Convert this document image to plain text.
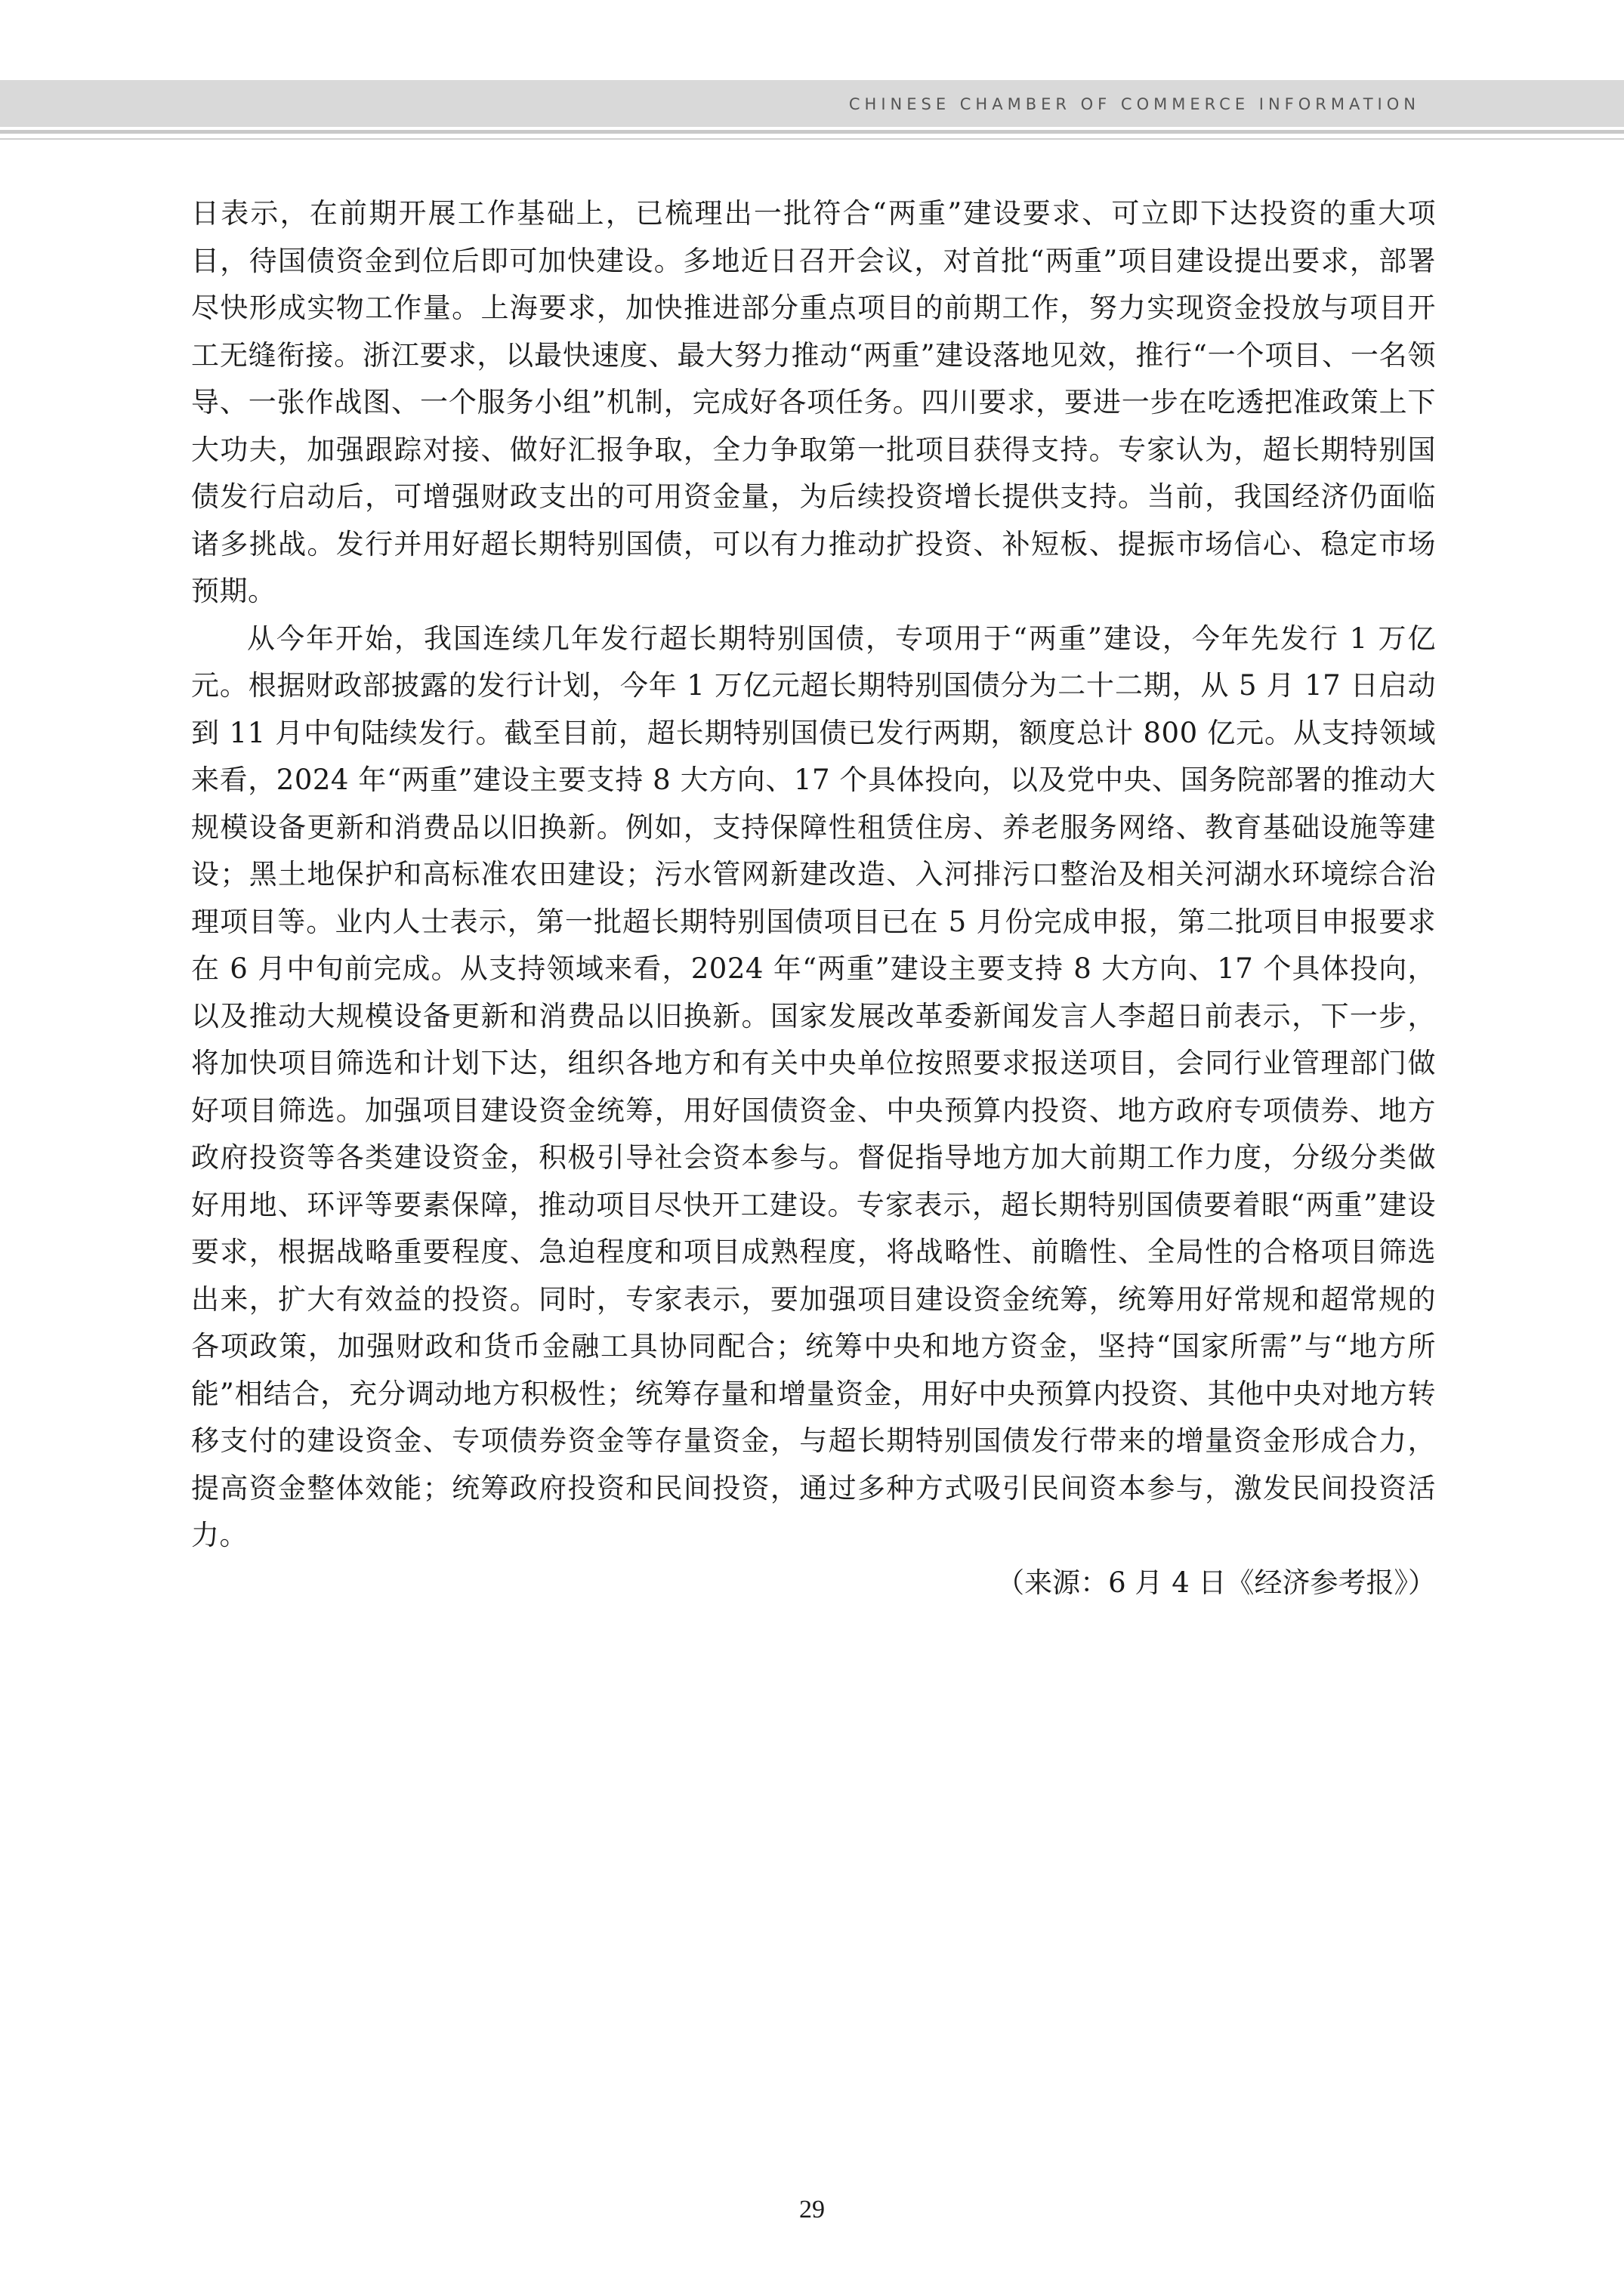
CHINESE CHAMBER OF COMMERCE INFORMATION

日表示，在前期开展工作基础上，已梳理出一批符合“两重”建设要求、可立即下达投资的重大项目，待国债资金到位后即可加快建设。多地近日召开会议，对首批“两重”项目建设提出要求，部署尽快形成实物工作量。上海要求，加快推进部分重点项目的前期工作，努力实现资金投放与项目开工无缝衔接。浙江要求，以最快速度、最大努力推动“两重”建设落地见效，推行“一个项目、一名领导、一张作战图、一个服务小组”机制，完成好各项任务。四川要求，要进一步在吃透把准政策上下大功夫，加强跟踪对接、做好汇报争取，全力争取第一批项目获得支持。专家认为，超长期特别国债发行启动后，可增强财政支出的可用资金量，为后续投资增长提供支持。当前，我国经济仍面临诸多挑战。发行并用好超长期特别国债，可以有力推动扩投资、补短板、提振市场信心、稳定市场预期。

从今年开始，我国连续几年发行超长期特别国债，专项用于“两重”建设，今年先发行 1 万亿元。根据财政部披露的发行计划，今年 1 万亿元超长期特别国债分为二十二期，从 5 月 17 日启动到 11 月中旬陆续发行。截至目前，超长期特别国债已发行两期，额度总计 800 亿元。从支持领域来看，2024 年“两重”建设主要支持 8 大方向、17 个具体投向，以及党中央、国务院部署的推动大规模设备更新和消费品以旧换新。例如，支持保障性租赁住房、养老服务网络、教育基础设施等建设；黑土地保护和高标准农田建设；污水管网新建改造、入河排污口整治及相关河湖水环境综合治理项目等。业内人士表示，第一批超长期特别国债项目已在 5 月份完成申报，第二批项目申报要求在 6 月中旬前完成。从支持领域来看，2024 年“两重”建设主要支持 8 大方向、17 个具体投向，以及推动大规模设备更新和消费品以旧换新。国家发展改革委新闻发言人李超日前表示，下一步，将加快项目筛选和计划下达，组织各地方和有关中央单位按照要求报送项目，会同行业管理部门做好项目筛选。加强项目建设资金统筹，用好国债资金、中央预算内投资、地方政府专项债券、地方政府投资等各类建设资金，积极引导社会资本参与。督促指导地方加大前期工作力度，分级分类做好用地、环评等要素保障，推动项目尽快开工建设。专家表示，超长期特别国债要着眼“两重”建设要求，根据战略重要程度、急迫程度和项目成熟程度，将战略性、前瞻性、全局性的合格项目筛选出来，扩大有效益的投资。同时，专家表示，要加强项目建设资金统筹，统筹用好常规和超常规的各项政策，加强财政和货币金融工具协同配合；统筹中央和地方资金，坚持“国家所需”与“地方所能”相结合，充分调动地方积极性；统筹存量和增量资金，用好中央预算内投资、其他中央对地方转移支付的建设资金、专项债券资金等存量资金，与超长期特别国债发行带来的增量资金形成合力，提高资金整体效能；统筹政府投资和民间投资，通过多种方式吸引民间资本参与，激发民间投资活力。

（来源：6 月 4 日《经济参考报》）

29
